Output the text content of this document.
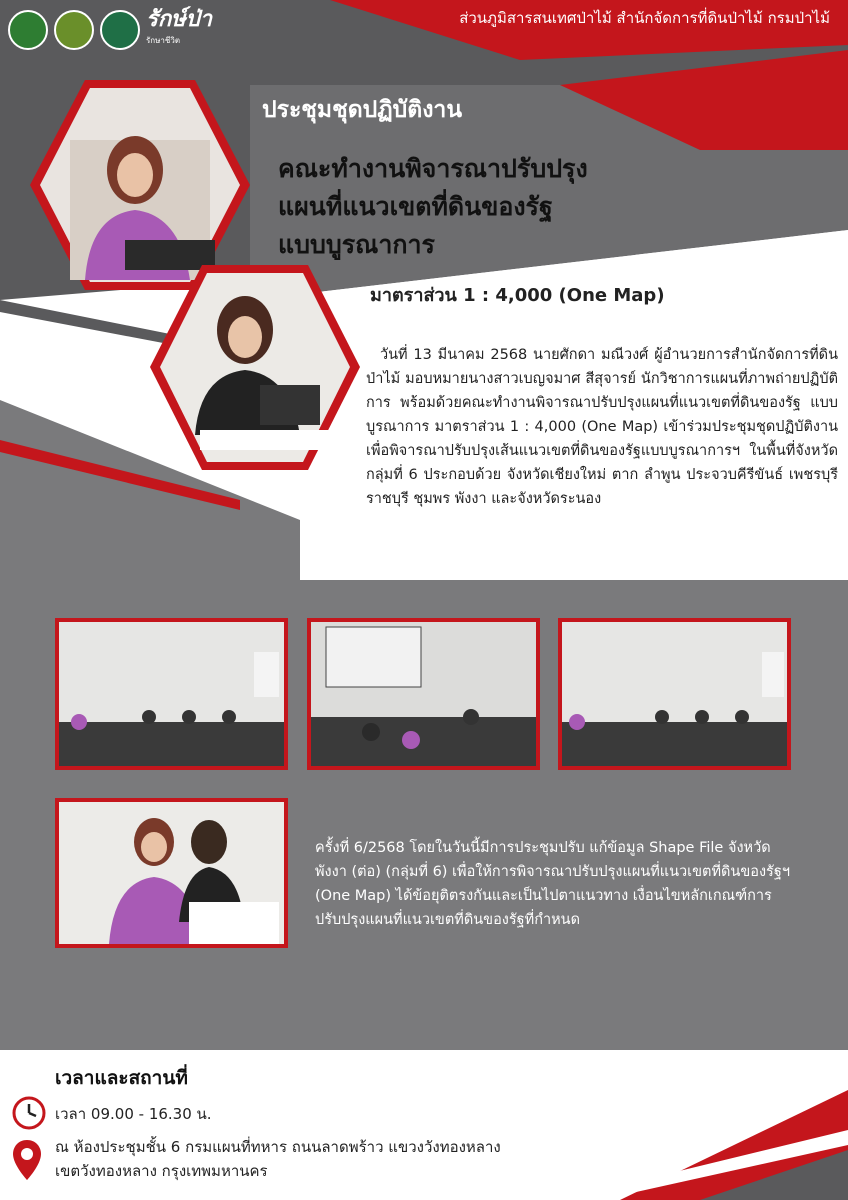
รักษ์ป่า
รักษาชีวิต
ส่วนภูมิสารสนเทศป่าไม้ สำนักจัดการที่ดินป่าไม้ กรมป่าไม้
ประชุมชุดปฏิบัติงาน
คณะทำงานพิจารณาปรับปรุง
แผนที่แนวเขตที่ดินของรัฐ
แบบบูรณาการ
มาตราส่วน 1 : 4,000 (One Map)
วันที่ 13 มีนาคม 2568 นายศักดา มณีวงศ์ ผู้อำนวยการสำนักจัดการที่ดินป่าไม้ มอบหมายนางสาวเบญจมาศ สีสุจารย์ นักวิชาการแผนที่ภาพถ่ายปฏิบัติการ พร้อมด้วยคณะทำงานพิจารณาปรับปรุงแผนที่แนวเขตที่ดินของรัฐ แบบบูรณาการ มาตราส่วน 1 : 4,000 (One Map) เข้าร่วมประชุมชุดปฏิบัติงาน เพื่อพิจารณาปรับปรุงเส้นแนวเขตที่ดินของรัฐแบบบูรณาการฯ ในพื้นที่จังหวัดกลุ่มที่ 6 ประกอบด้วย จังหวัดเชียงใหม่ ตาก ลำพูน ประจวบคีรีขันธ์ เพชรบุรี ราชบุรี ชุมพร พังงา และจังหวัดระนอง
ครั้งที่ 6/2568 โดยในวันนี้มีการประชุมปรับ แก้ข้อมูล Shape File จังหวัดพังงา (ต่อ) (กลุ่มที่ 6) เพื่อให้การพิจารณาปรับปรุงแผนที่แนวเขตที่ดินของรัฐฯ (One Map) ได้ข้อยุติตรงกันและเป็นไปตาแนวทาง เงื่อนไขหลักเกณฑ์การปรับปรุงแผนที่แนวเขตที่ดินของรัฐที่กำหนด
เวลาและสถานที่
เวลา 09.00 - 16.30 น.
ณ ห้องประชุมชั้น 6 กรมแผนที่ทหาร ถนนลาดพร้าว แขวงวังทองหลาง
เขตวังทองหลาง กรุงเทพมหานคร
